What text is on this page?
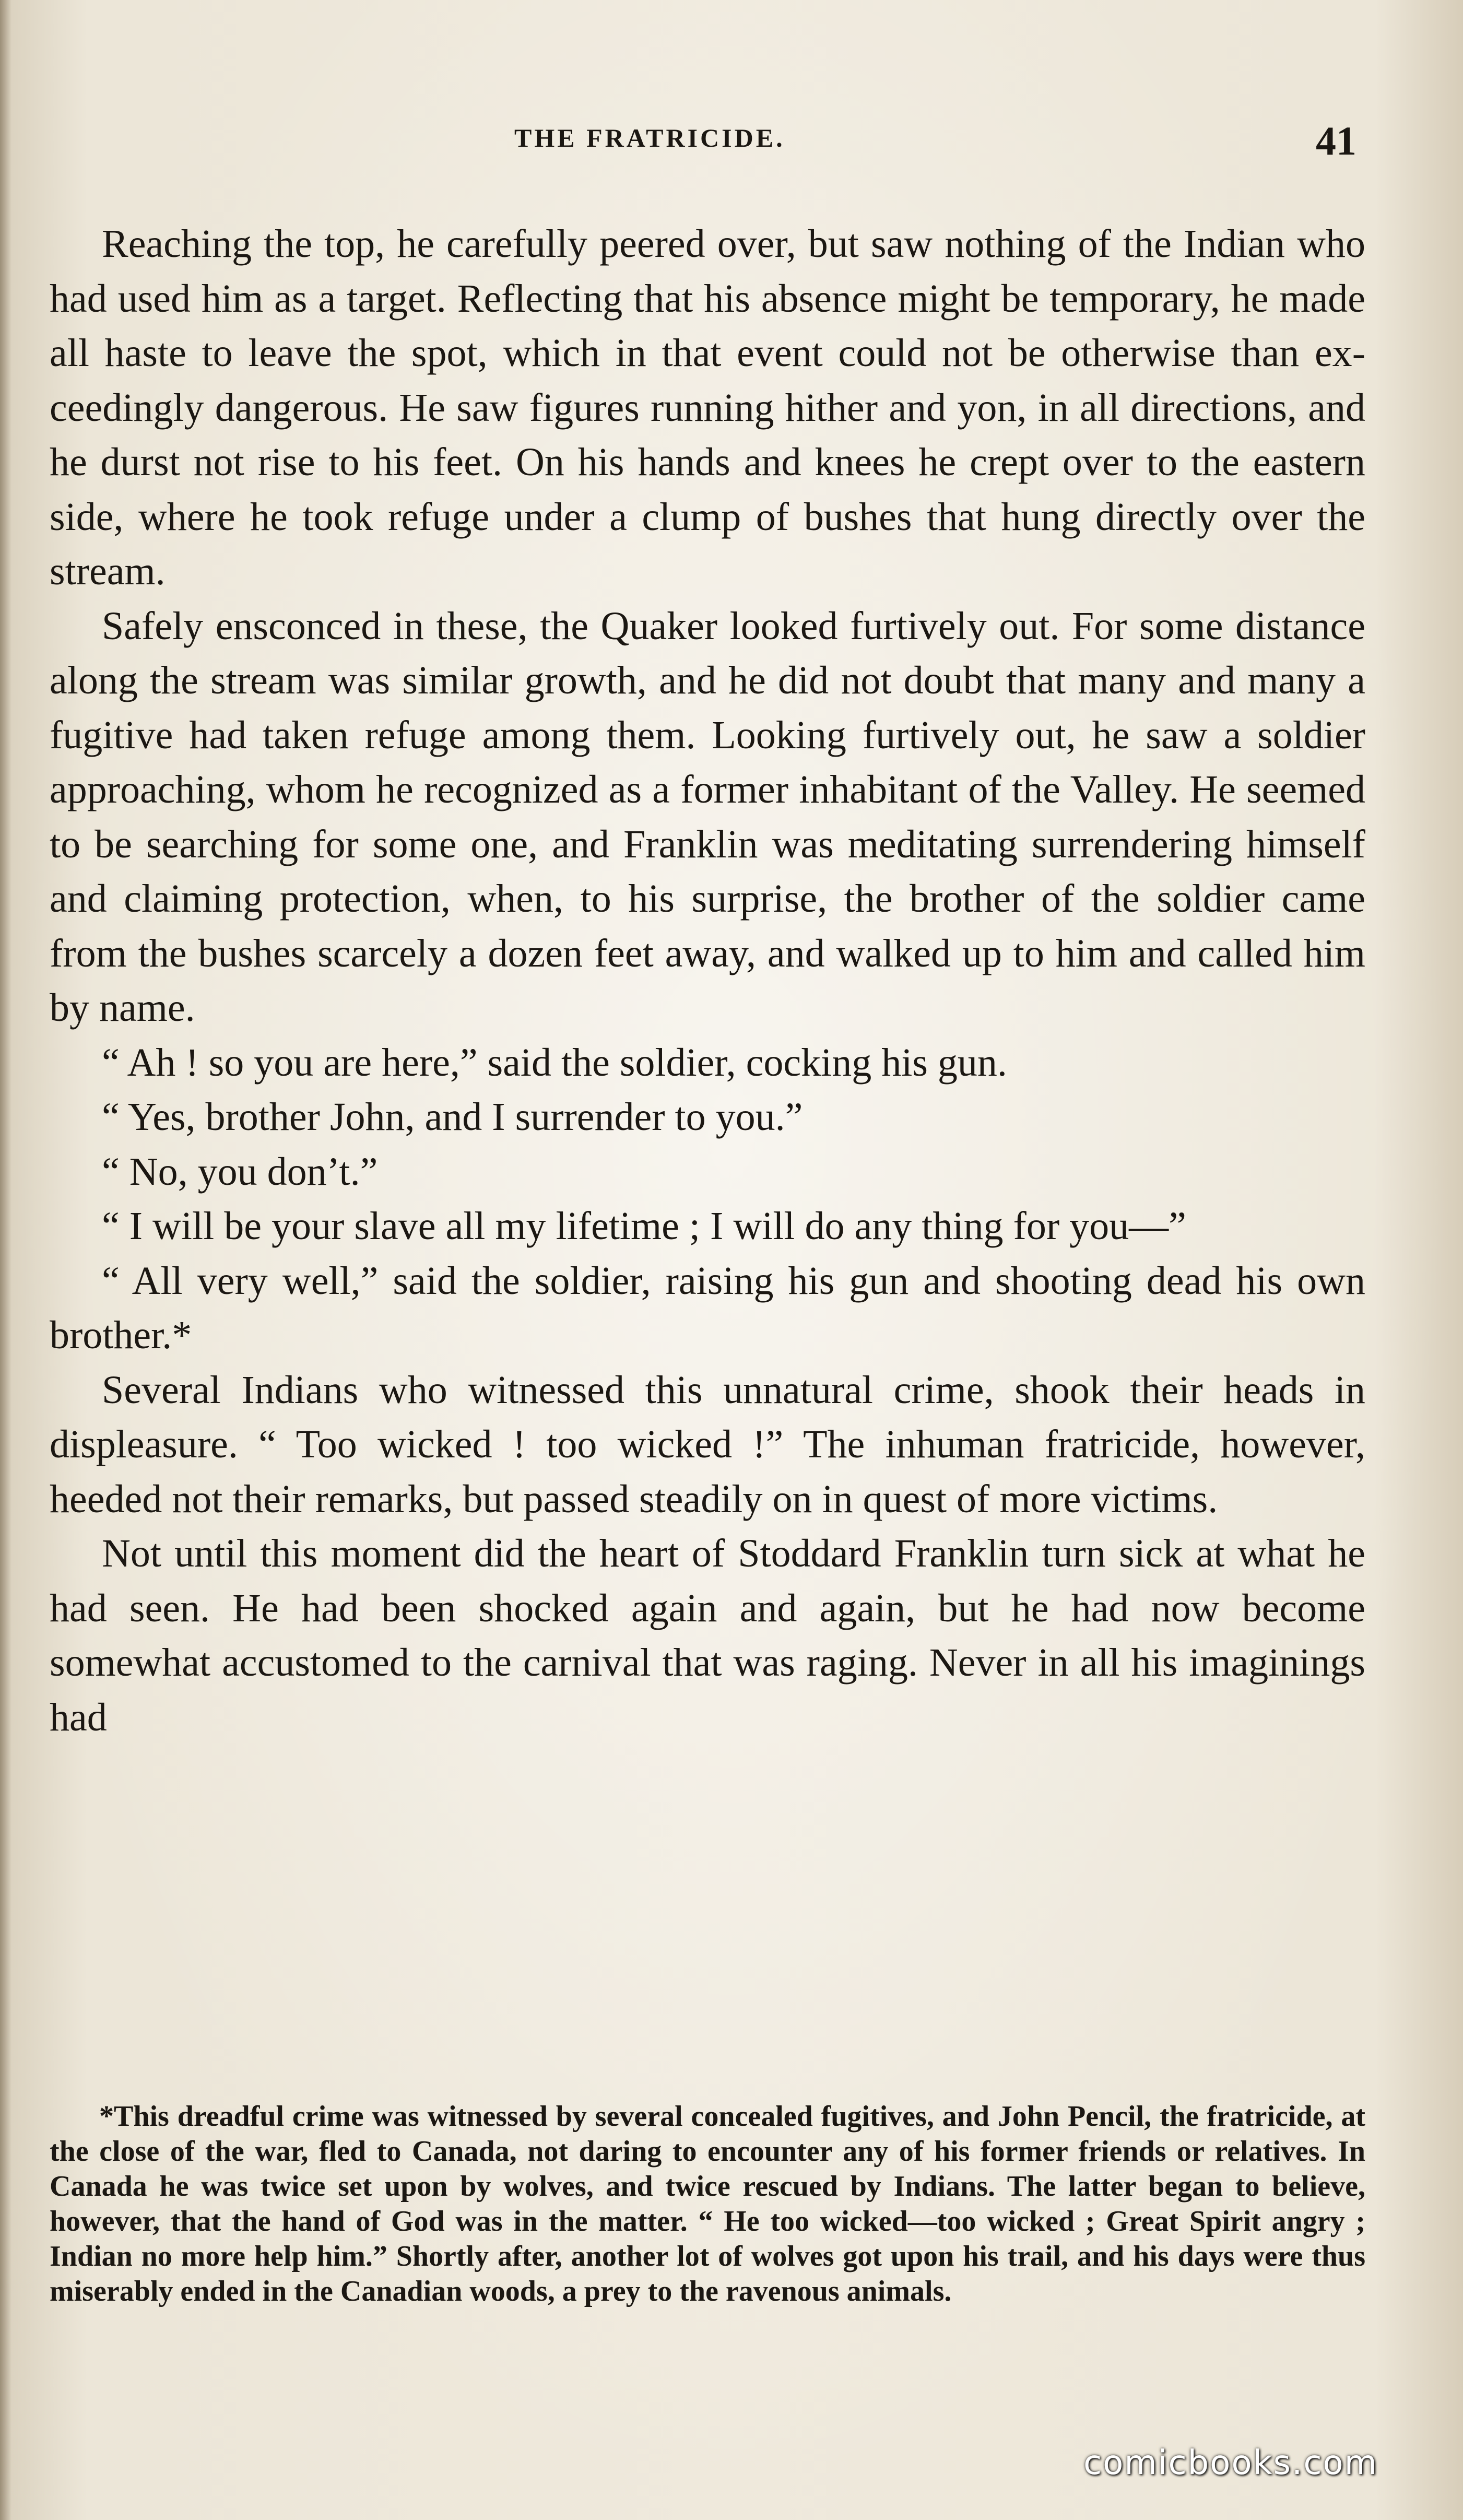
THE FRATRICIDE.	41

Reaching the top, he carefully peered over, but saw nothing of the Indian who had used him as a target. Reflecting that his absence might be temporary, he made all haste to leave the spot, which in that event could not be otherwise than exceedingly dangerous. He saw figures running hither and yon, in all directions, and he durst not rise to his feet. On his hands and knees he crept over to the eastern side, where he took refuge under a clump of bushes that hung directly over the stream.

Safely ensconced in these, the Quaker looked furtively out. For some distance along the stream was similar growth, and he did not doubt that many and many a fugitive had taken refuge among them. Looking furtively out, he saw a soldier approaching, whom he recognized as a former inhabitant of the Valley. He seemed to be searching for some one, and Franklin was meditating surrendering himself and claiming protection, when, to his surprise, the brother of the soldier came from the bushes scarcely a dozen feet away, and walked up to him and called him by name.

“ Ah ! so you are here,” said the soldier, cocking his gun.

“ Yes, brother John, and I surrender to you.”

“ No, you don’t.”

“ I will be your slave all my lifetime ; I will do any thing for you—”

“ All very well,” said the soldier, raising his gun and shooting dead his own brother.*

Several Indians who witnessed this unnatural crime, shook their heads in displeasure. “ Too wicked ! too wicked !” The inhuman fratricide, however, heeded not their remarks, but passed steadily on in quest of more victims.

Not until this moment did the heart of Stoddard Franklin turn sick at what he had seen. He had been shocked again and again, but he had now become somewhat accustomed to the carnival that was raging. Never in all his imaginings had

*This dreadful crime was witnessed by several concealed fugitives, and John Pencil, the fratricide, at the close of the war, fled to Canada, not daring to encounter any of his former friends or relatives. In Canada he was twice set upon by wolves, and twice rescued by Indians. The latter began to believe, however, that the hand of God was in the matter. “ He too wicked—too wicked ; Great Spirit angry ; Indian no more help him.” Shortly after, another lot of wolves got upon his trail, and his days were thus miserably ended in the Canadian woods, a prey to the ravenous animals.
comicbooks.com
